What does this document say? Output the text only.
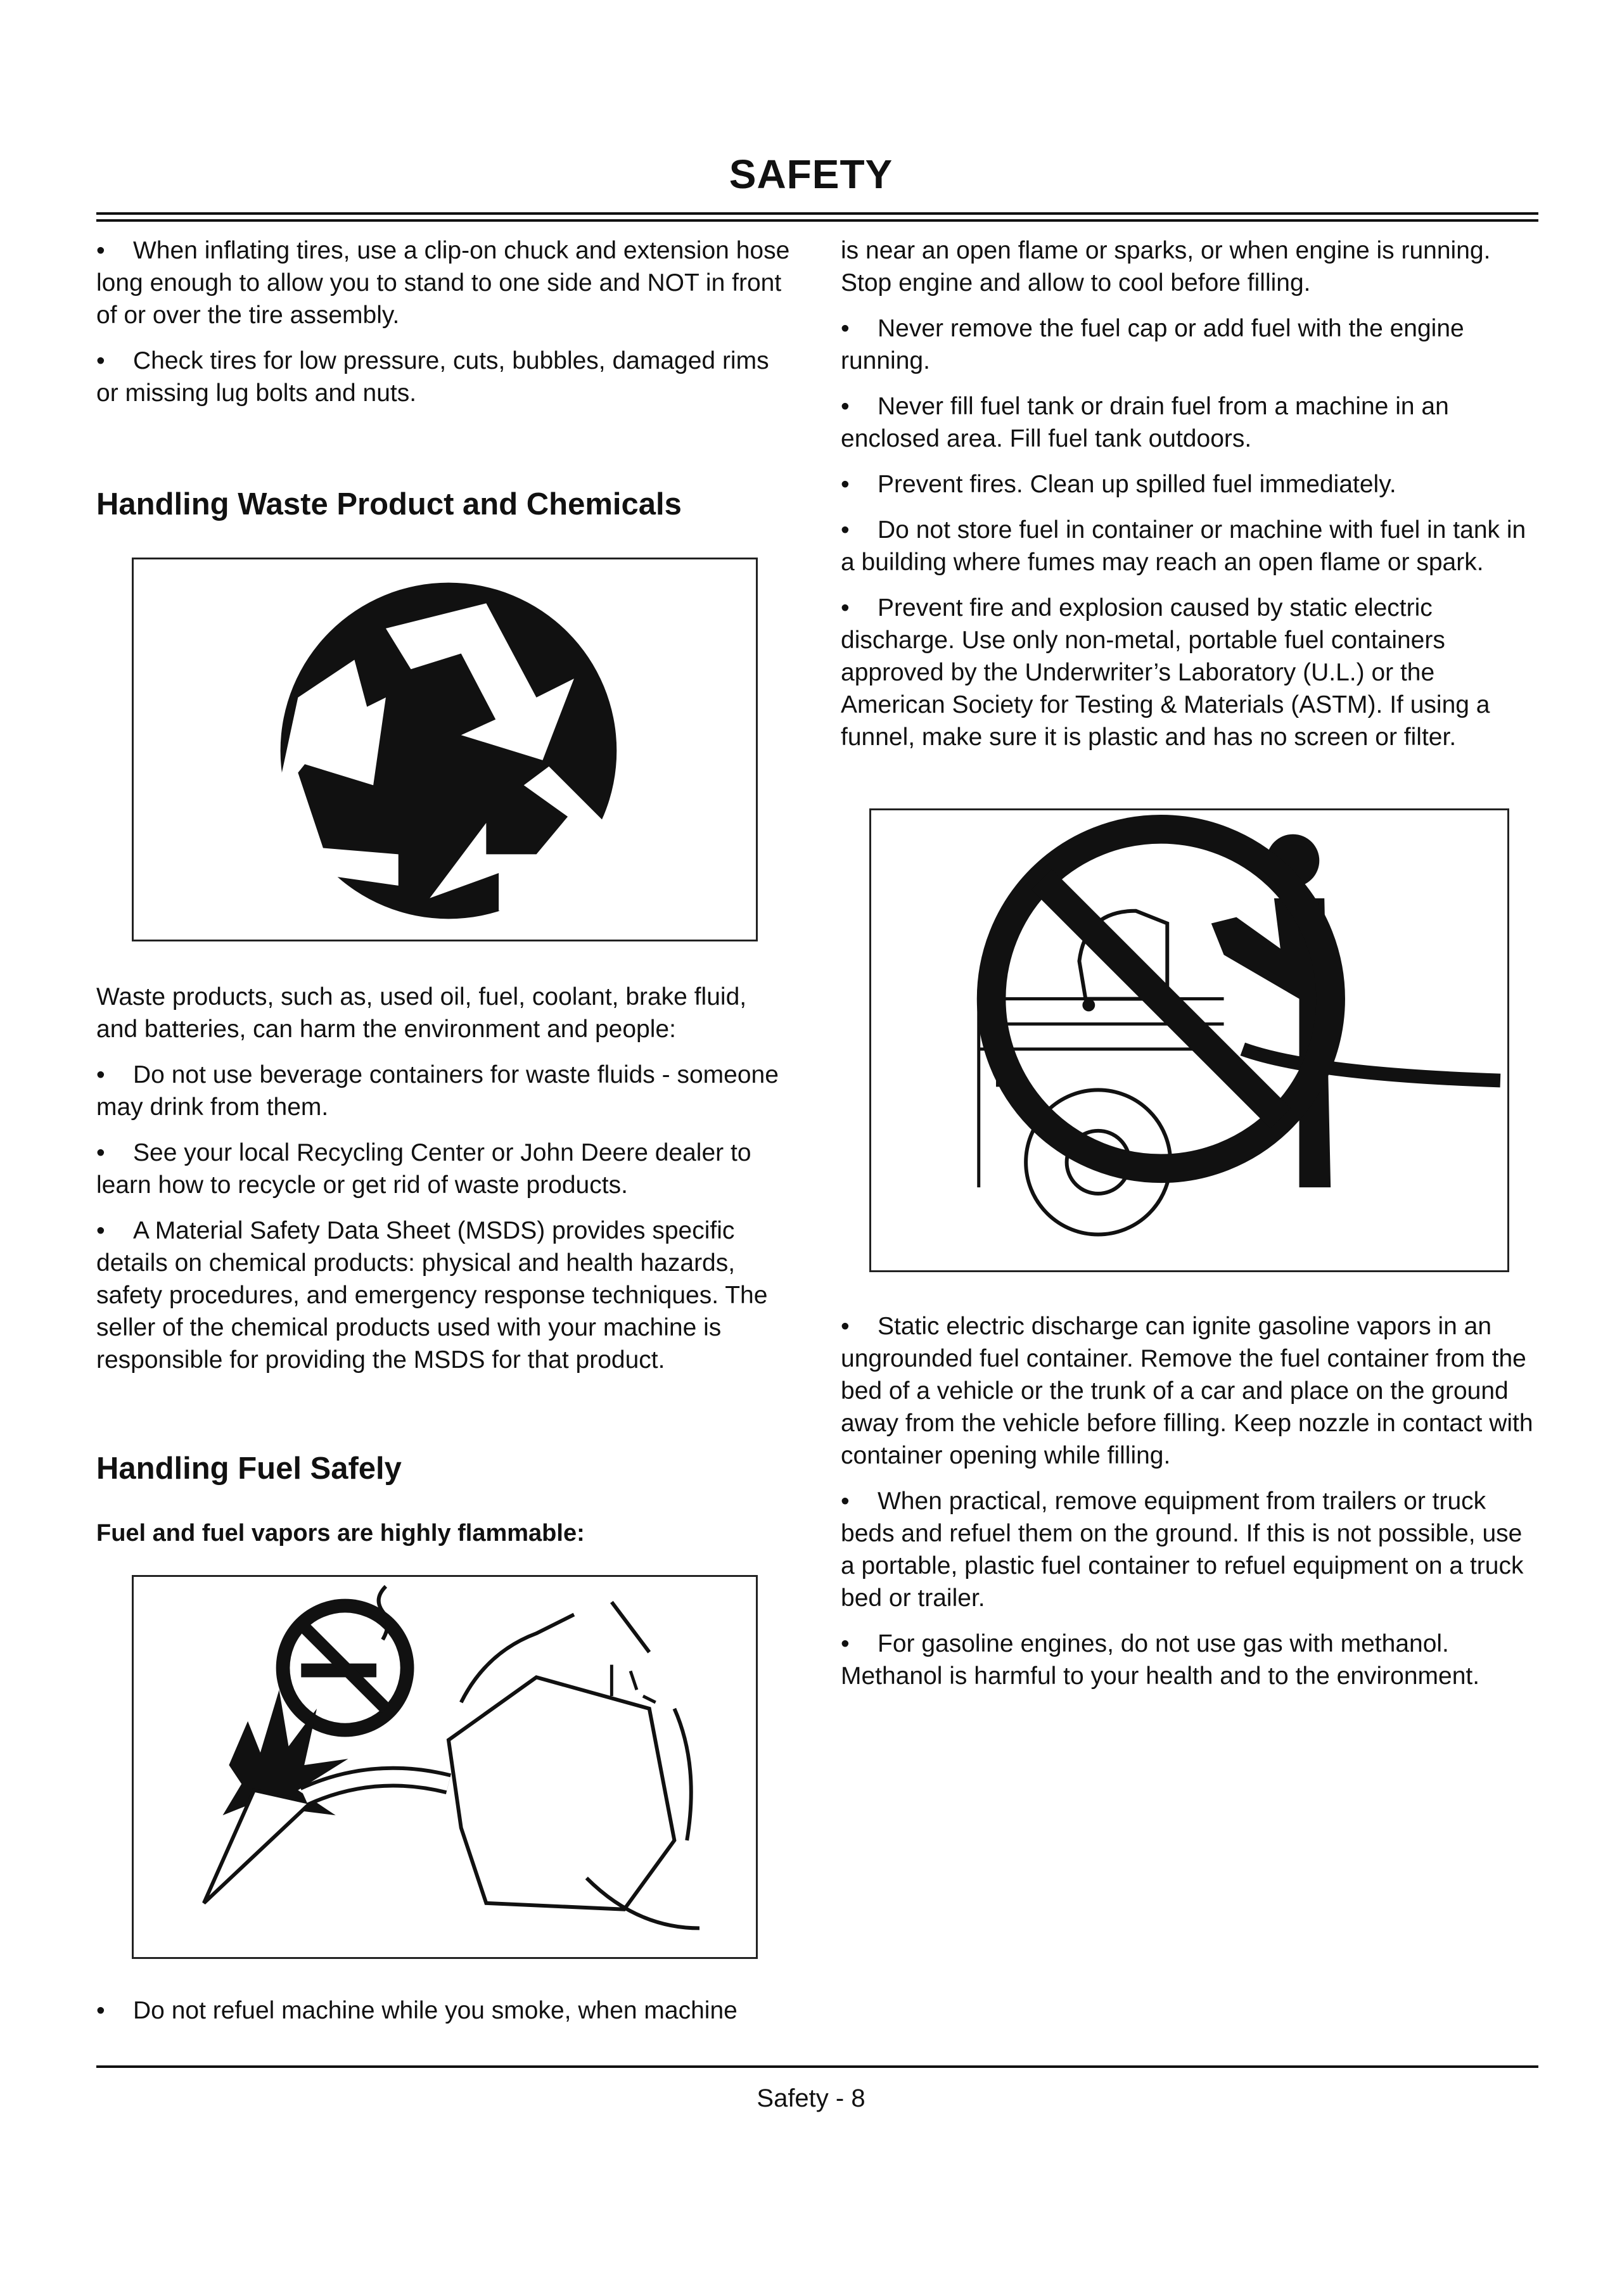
SAFETY

• When inflating tires, use a clip-on chuck and extension hose long enough to allow you to stand to one side and NOT in front of or over the tire assembly.

• Check tires for low pressure, cuts, bubbles, damaged rims or missing lug bolts and nuts.

Handling Waste Product and Chemicals

Waste products, such as, used oil, fuel, coolant, brake fluid, and batteries, can harm the environment and people:

• Do not use beverage containers for waste fluids - someone may drink from them.

• See your local Recycling Center or John Deere dealer to learn how to recycle or get rid of waste products.

• A Material Safety Data Sheet (MSDS) provides specific details on chemical products: physical and health hazards, safety procedures, and emergency response techniques. The seller of the chemical products used with your machine is responsible for providing the MSDS for that product.

Handling Fuel Safely

Fuel and fuel vapors are highly flammable:

• Do not refuel machine while you smoke, when machine

is near an open flame or sparks, or when engine is running. Stop engine and allow to cool before filling.

• Never remove the fuel cap or add fuel with the engine running.

• Never fill fuel tank or drain fuel from a machine in an enclosed area. Fill fuel tank outdoors.

• Prevent fires. Clean up spilled fuel immediately.

• Do not store fuel in container or machine with fuel in tank in a building where fumes may reach an open flame or spark.

• Prevent fire and explosion caused by static electric discharge. Use only non-metal, portable fuel containers approved by the Underwriter’s Laboratory (U.L.) or the American Society for Testing & Materials (ASTM). If using a funnel, make sure it is plastic and has no screen or filter.

• Static electric discharge can ignite gasoline vapors in an ungrounded fuel container. Remove the fuel container from the bed of a vehicle or the trunk of a car and place on the ground away from the vehicle before filling. Keep nozzle in contact with container opening while filling.

• When practical, remove equipment from trailers or truck beds and refuel them on the ground. If this is not possible, use a portable, plastic fuel container to refuel equipment on a truck bed or trailer.

• For gasoline engines, do not use gas with methanol. Methanol is harmful to your health and to the environment.

Safety - 8
